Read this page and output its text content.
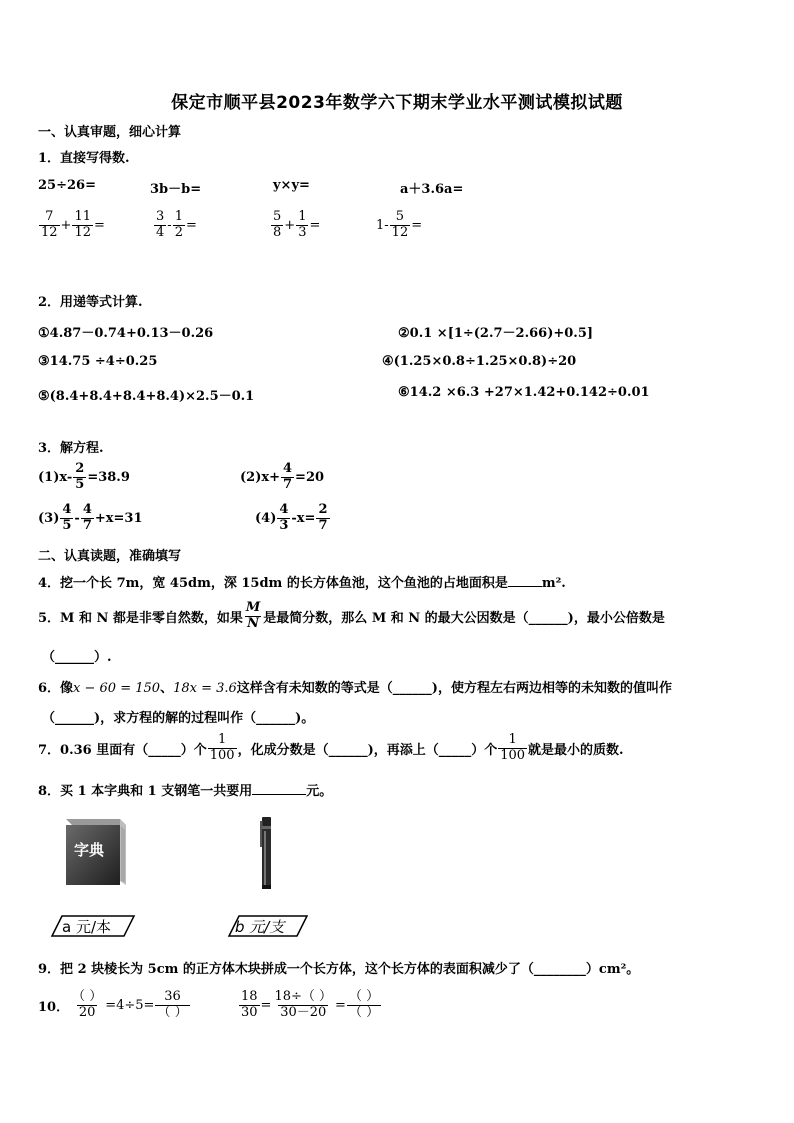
保定市顺平县2023年数学六下期末学业水平测试模拟试题
一、认真审题，细心计算
1．直接写得数.
25÷26=	3b－b=	y×y=	a＋3.6a=
$\frac{7}{12} + \frac{11}{12}$ =	$\frac{3}{4} - \frac{1}{2}$ =	$\frac{5}{8} + \frac{1}{3}$ =	$1- \frac{5}{12}$ =
2．用递等式计算.
①4.87－0.74+0.13－0.26	②0.1 ×[1÷(2.7－2.66)+0.5]
③14.75 ÷4÷0.25	④(1.25×0.8÷1.25×0.8)÷20
⑤(8.4+8.4+8.4+8.4)×2.5－0.1	⑥14.2 ×6.3 +27×1.42+0.142÷0.01
3．解方程.
$(1)x- \frac{2}{5} =38.9$	$(2)x+ \frac{4}{7} =20$
$(3) \frac{4}{5} - \frac{4}{7} +x=31$	$(4) \frac{4}{3} -x= \frac{2}{7}$
二、认真读题，准确填写
4．挖一个长 7m，宽 45dm，深 15dm 的长方体鱼池，这个鱼池的占地面积是	m².
5．M 和 N 都是非零自然数，如果 $\frac{M}{N}$ 是最简分数，那么 M 和 N 的最大公因数是（______)，最小公倍数是
（______）.
6．像x − 60 = 150、18x = 3.6这样含有未知数的等式是（______)，使方程左右两边相等的未知数的值叫作
（______)，求方程的解的过程叫作（______)。
7．0.36 里面有（_____）个 $\frac{1}{100}$ ，化成分数是（______)，再添上（_____）个 $\frac{1}{100}$ 就是最小的质数.
8．买 1 本字典和 1 支钢笔一共要用	元。
字典
a 元/本	b 元/支
9．把 2 块棱长为 5cm 的正方体木块拼成一个长方体，这个长方体的表面积减少了（________）cm²。
10． $\frac{( )}{20} =4\div 5= \frac{36}{( )}$	$\frac{18}{30} = \frac{18\div( )}{30-20} = \frac{( )}{( )}$
